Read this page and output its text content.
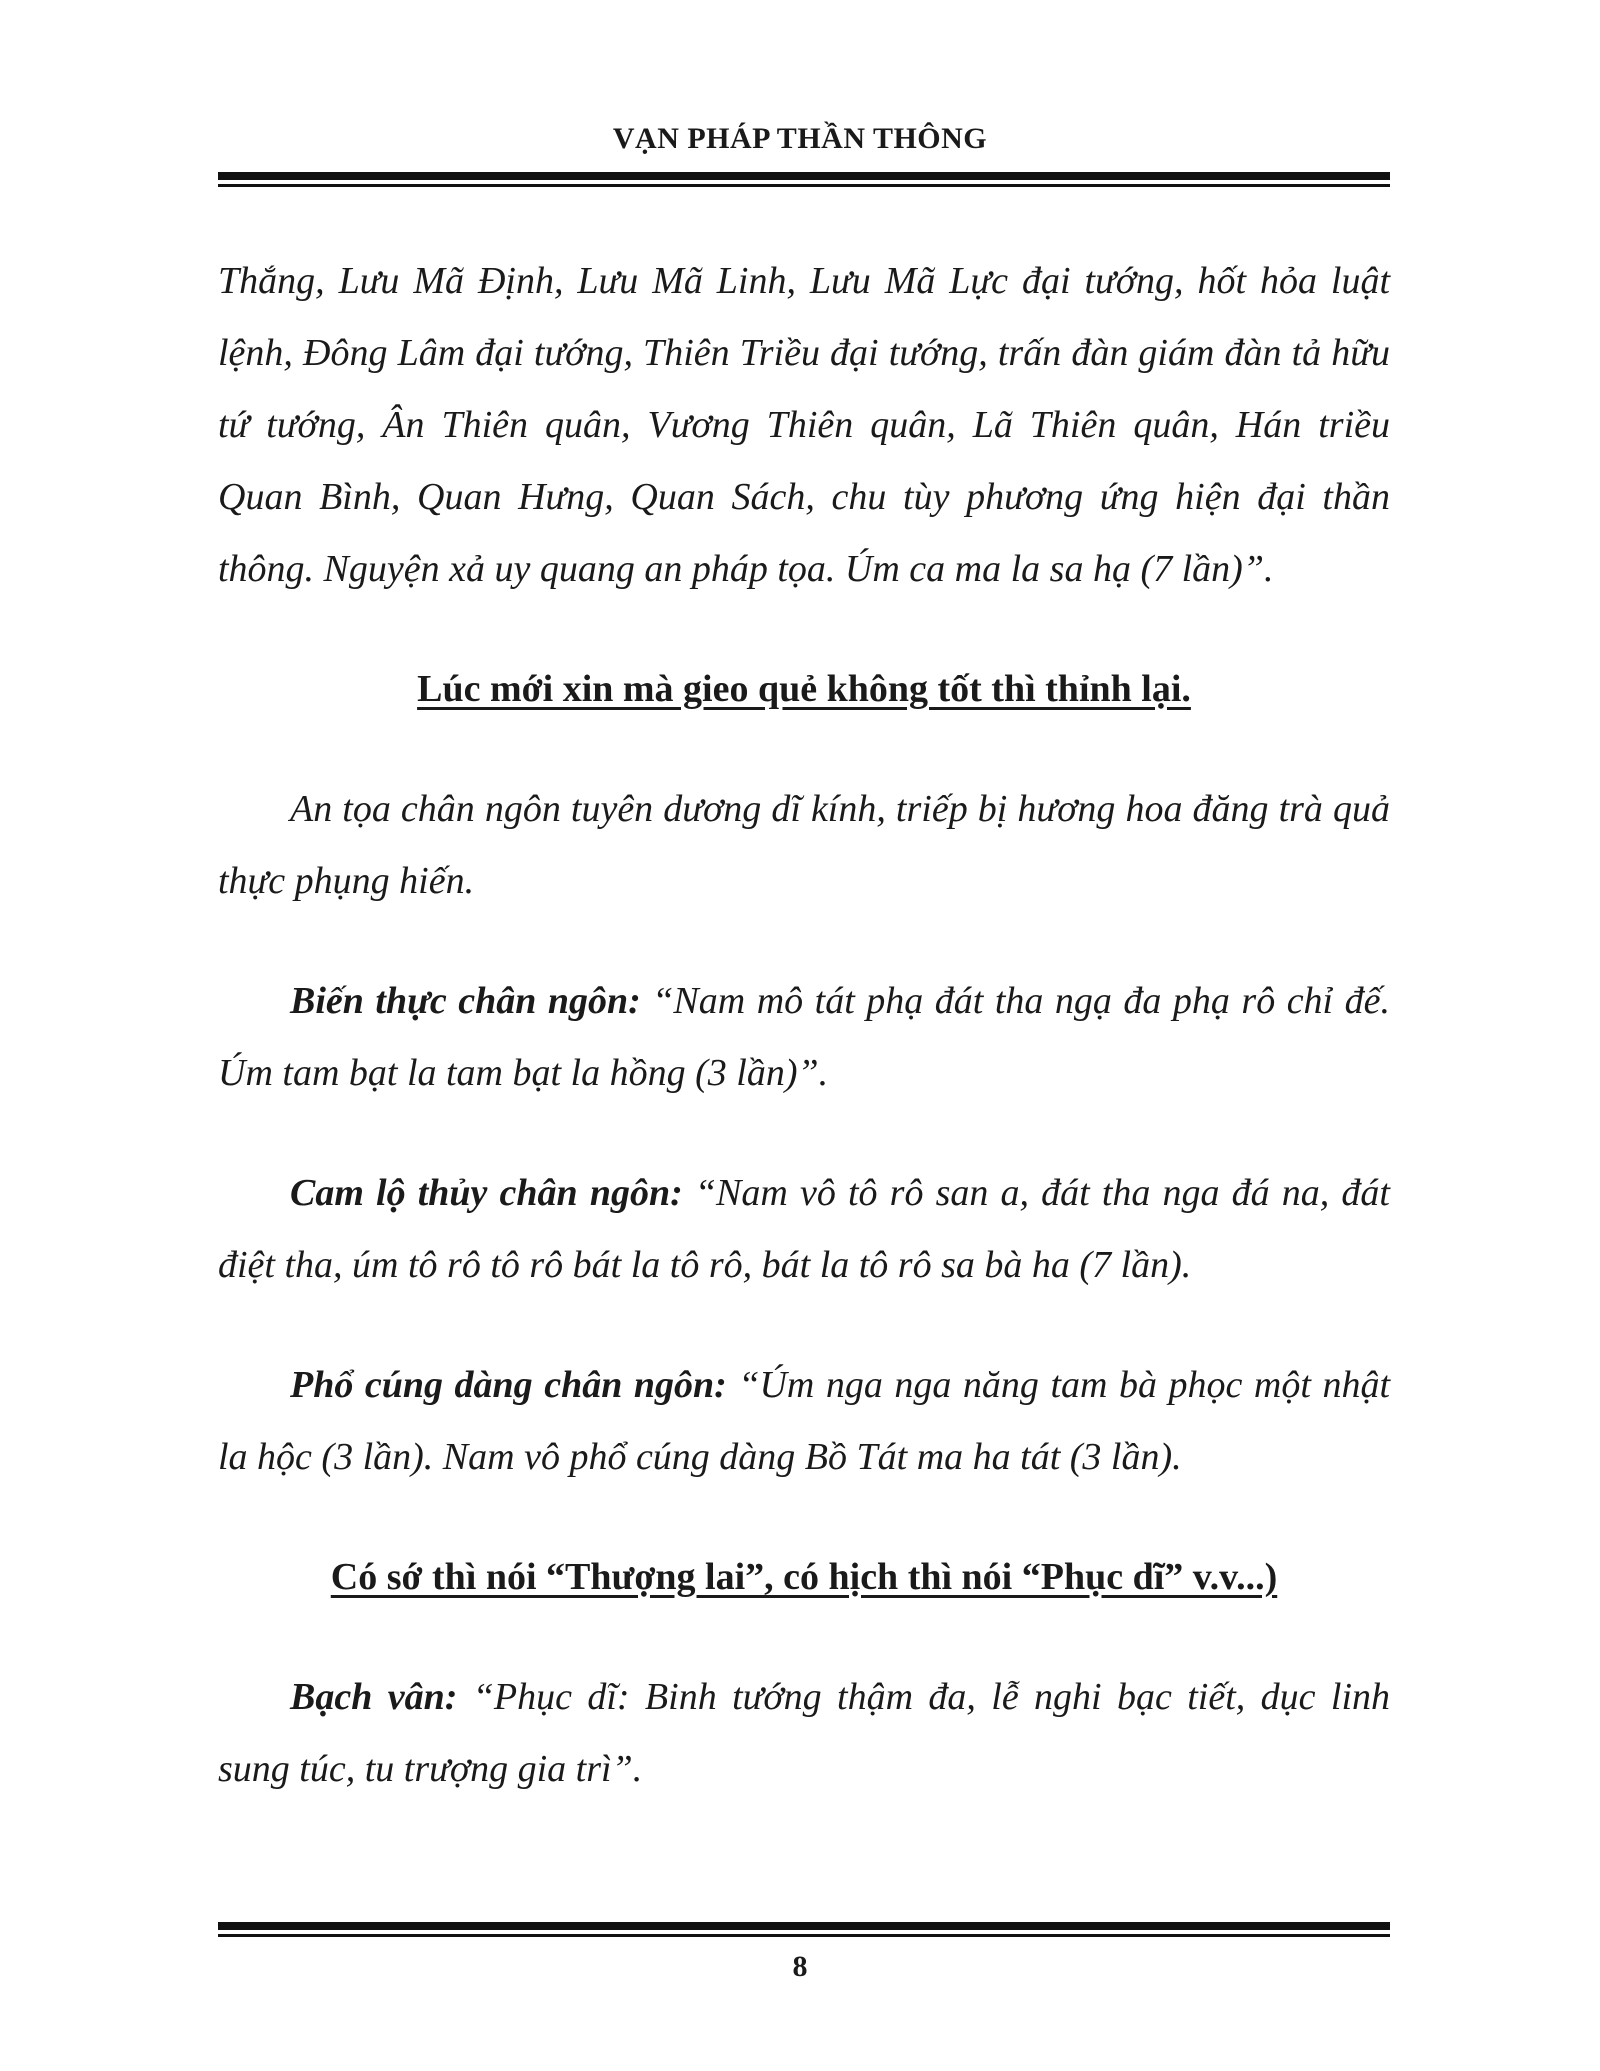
VẠN PHÁP THẦN THÔNG

Thắng, Lưu Mã Định, Lưu Mã Linh, Lưu Mã Lực đại tướng, hốt hỏa luật lệnh, Đông Lâm đại tướng, Thiên Triều đại tướng, trấn đàn giám đàn tả hữu tứ tướng, Ân Thiên quân, Vương Thiên quân, Lã Thiên quân, Hán triều Quan Bình, Quan Hưng, Quan Sách, chu tùy phương ứng hiện đại thần thông. Nguyện xả uy quang an pháp tọa. Úm ca ma la sa hạ (7 lần)”.

Lúc mới xin mà gieo quẻ không tốt thì thỉnh lại.

An tọa chân ngôn tuyên dương dĩ kính, triếp bị hương hoa đăng trà quả thực phụng hiến.

Biến thực chân ngôn: “Nam mô tát phạ đát tha ngạ đa phạ rô chỉ đế. Úm tam bạt la tam bạt la hồng (3 lần)”.

Cam lộ thủy chân ngôn: “Nam vô tô rô san a, đát tha nga đá na, đát điệt tha, úm tô rô tô rô bát la tô rô, bát la tô rô sa bà ha (7 lần).

Phổ cúng dàng chân ngôn: “Úm nga nga năng tam bà phọc một nhật la hộc (3 lần). Nam vô phổ cúng dàng Bồ Tát ma ha tát (3 lần).

Có sớ thì nói “Thượng lai”, có hịch thì nói “Phục dĩ” v.v...)

Bạch vân: “Phục dĩ: Binh tướng thậm đa, lễ nghi bạc tiết, dục linh sung túc, tu trượng gia trì”.

8
